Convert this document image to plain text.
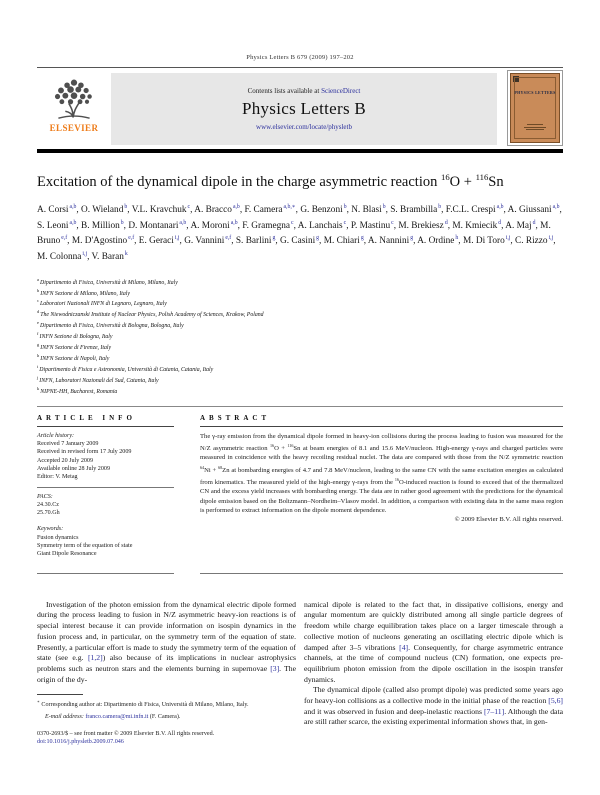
Physics Letters B 679 (2009) 197–202
ELSEVIER
Contents lists available at ScienceDirect
Physics Letters B
www.elsevier.com/locate/physletb
PHYSICS LETTERS
Excitation of the dynamical dipole in the charge asymmetric reaction $^{16}$O + $^{116}$Sn
A. Corsi$^{a,b}$, O. Wieland$^b$, V.L. Kravchuk$^c$, A. Bracco$^{a,b}$, F. Camera$^{a,b,∗}$, G. Benzoni$^b$, N. Blasi$^b$, S. Brambilla$^b$, F.C.L. Crespi$^{a,b}$, A. Giussani$^{a,b}$, S. Leoni$^{a,b}$, B. Million$^b$, D. Montanari$^{a,b}$, A. Moroni$^{a,b}$, F. Gramegna$^c$, A. Lanchais$^c$, P. Mastinu$^c$, M. Brekiesz$^d$, M. Kmiecik$^d$, A. Maj$^d$, M. Bruno$^{e,f}$, M. D'Agostino$^{e,f}$, E. Geraci$^{i,j}$, G. Vannini$^{e,f}$, S. Barlini$^g$, G. Casini$^g$, M. Chiari$^g$, A. Nannini$^g$, A. Ordine$^h$, M. Di Toro$^{i,j}$, C. Rizzo$^{i,j}$, M. Colonna$^{i,j}$, V. Baran$^k$
$^a$ Dipartimento di Fisica, Università di Milano, Milano, Italy
$^b$ INFN Sezione di Milano, Milano, Italy
$^c$ Laboratori Nazionali INFN di Legnaro, Legnaro, Italy
$^d$ The Niewodniczanski Institute of Nuclear Physics, Polish Academy of Sciences, Krakow, Poland
$^e$ Dipartimento di Fisica, Università di Bologna, Bologna, Italy
$^f$ INFN Sezione di Bologna, Italy
$^g$ INFN Sezione di Firenze, Italy
$^h$ INFN Sezione di Napoli, Italy
$^i$ Dipartimento di Fisica e Astronomia, Università di Catania, Catania, Italy
$^j$ INFN, Laboratori Nazionali del Sud, Catania, Italy
$^k$ NIPNE-HH, Bucharest, Romania
ARTICLE INFO
Article history:
Received 7 January 2009
Received in revised form 17 July 2009
Accepted 20 July 2009
Available online 28 July 2009
Editor: V. Metag
PACS:
24.30.Cz
25.70.Gh
Keywords:
Fusion dynamics
Symmetry term of the equation of state
Giant Dipole Resonance
ABSTRACT
The γ-ray emission from the dynamical dipole formed in heavy-ion collisions during the process leading to fusion was measured for the N/Z asymmetric reaction $^{16}$O + $^{116}$Sn at beam energies of 8.1 and 15.6 MeV/nucleon. High-energy γ-rays and charged particles were measured in coincidence with the heavy recoiling residual nuclei. The data are compared with those from the N/Z symmetric reaction $^{64}$Ni + $^{68}$Zn at bombarding energies of 4.7 and 7.8 MeV/nucleon, leading to the same CN with the same excitation energies as calculated from kinematics. The measured yield of the high-energy γ-rays from the $^{16}$O-induced reaction is found to exceed that of the thermalized CN and the excess yield increases with bombarding energy. The data are in rather good agreement with the predictions for the dynamical dipole emission based on the Boltzmann–Nordheim–Vlasov model. In addition, a comparison with existing data in the same mass region is performed to extract information on the dipole moment dependence.
© 2009 Elsevier B.V. All rights reserved.

Investigation of the photon emission from the dynamical electric dipole formed during the process leading to fusion in N/Z asymmetric heavy-ion reactions is of special interest because it can provide information on isospin dynamics in the fusion process and, in particular, on the symmetry term of the equation of state. Presently, a particular effort is made to study the symmetry term of the equation of state (see e.g. [1,2]) also because of its implications in nuclear astrophysics problems such as neutron stars and the elements burning in supernovae [3]. The origin of the dy-

∗ Corresponding author at: Dipartimento di Fisica, Università di Milano, Milano, Italy.
E-mail address: franco.camera@mi.infn.it (F. Camera).
0370-2693/$ – see front matter © 2009 Elsevier B.V. All rights reserved.
doi:10.1016/j.physletb.2009.07.046

namical dipole is related to the fact that, in dissipative collisions, energy and angular momentum are quickly distributed among all single particle degrees of freedom while charge equilibration takes place on a larger timescale through a collective motion of nucleons generating an oscillating electric dipole which is damped after 3–5 vibrations [4]. Consequently, for charge asymmetric entrance channels, at the time of compound nucleus (CN) formation, one expects pre-equilibrium photon emission from the dipole oscillation in the isospin transfer dynamics.

The dynamical dipole (called also prompt dipole) was predicted some years ago for heavy-ion collisions as a collective mode in the initial phase of the reaction [5,6] and it was observed in fusion and deep-inelastic reactions [7–11]. Although the data are still rather scarce, the existing experimental information shows that, in gen-
